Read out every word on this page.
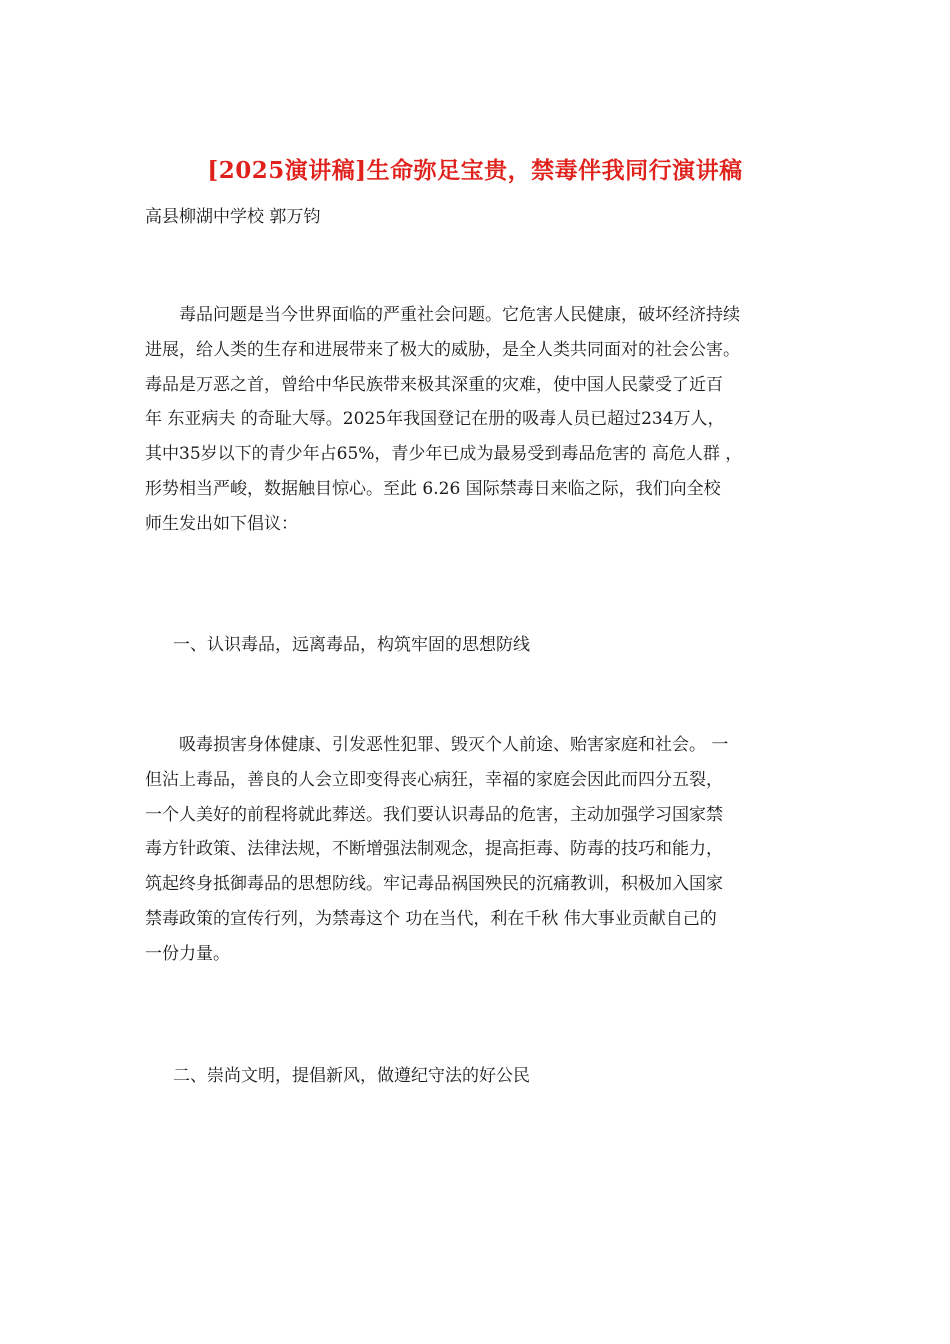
[2025演讲稿]生命弥足宝贵，禁毒伴我同行演讲稿
高县柳湖中学校 郭万钧
　　毒品问题是当今世界面临的严重社会问题。它危害人民健康，破坏经济持续
进展，给人类的生存和进展带来了极大的威胁，是全人类共同面对的社会公害。
毒品是万恶之首，曾给中华民族带来极其深重的灾难，使中国人民蒙受了近百
年 东亚病夫 的奇耻大辱。2025年我国登记在册的吸毒人员已超过234万人，
其中35岁以下的青少年占65%，青少年已成为最易受到毒品危害的 高危人群 ，
形势相当严峻，数据触目惊心。至此 6.26 国际禁毒日来临之际，我们向全校
师生发出如下倡议：
一、认识毒品，远离毒品，构筑牢固的思想防线
　　吸毒损害身体健康、引发恶性犯罪、毁灭个人前途、贻害家庭和社会。 一
但沾上毒品，善良的人会立即变得丧心病狂，幸福的家庭会因此而四分五裂，
一个人美好的前程将就此葬送。我们要认识毒品的危害，主动加强学习国家禁
毒方针政策、法律法规，不断增强法制观念，提高拒毒、防毒的技巧和能力，
筑起终身抵御毒品的思想防线。牢记毒品祸国殃民的沉痛教训，积极加入国家
禁毒政策的宣传行列，为禁毒这个 功在当代，利在千秋 伟大事业贡献自己的
一份力量。
二、崇尚文明，提倡新风，做遵纪守法的好公民
